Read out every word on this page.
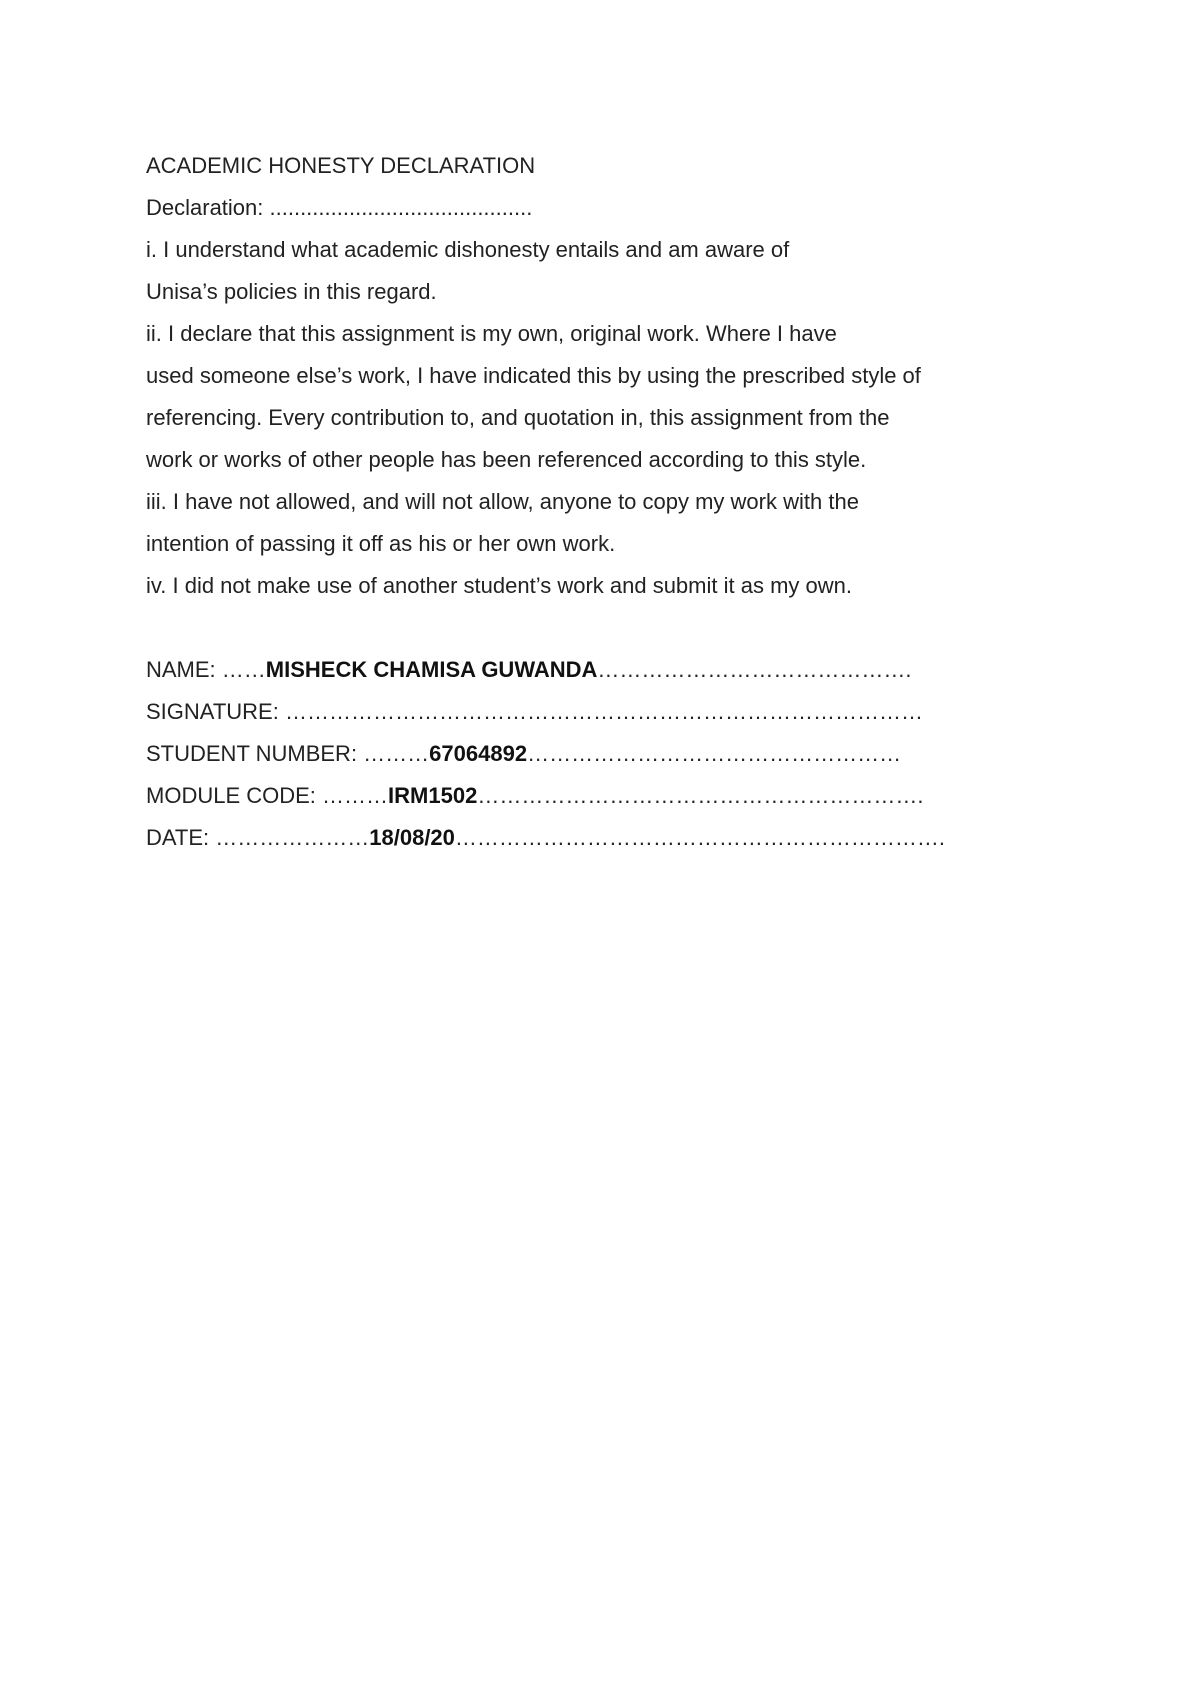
ACADEMIC HONESTY DECLARATION

Declaration: ...........................................

i. I understand what academic dishonesty entails and am aware of

Unisa’s policies in this regard.

ii. I declare that this assignment is my own, original work. Where I have

used someone else’s work, I have indicated this by using the prescribed style of

referencing. Every contribution to, and quotation in, this assignment from the

work or works of other people has been referenced according to this style.

iii. I have not allowed, and will not allow, anyone to copy my work with the

intention of passing it off as his or her own work.

iv. I did not make use of another student’s work and submit it as my own.

NAME: ……MISHECK CHAMISA GUWANDA…………………………………….
SIGNATURE: ……………………………………………………………………………
STUDENT NUMBER: ………67064892……………………………………………
MODULE CODE: ………IRM1502…………………………………………………….
DATE: …………………18/08/20………………………………………………………….
